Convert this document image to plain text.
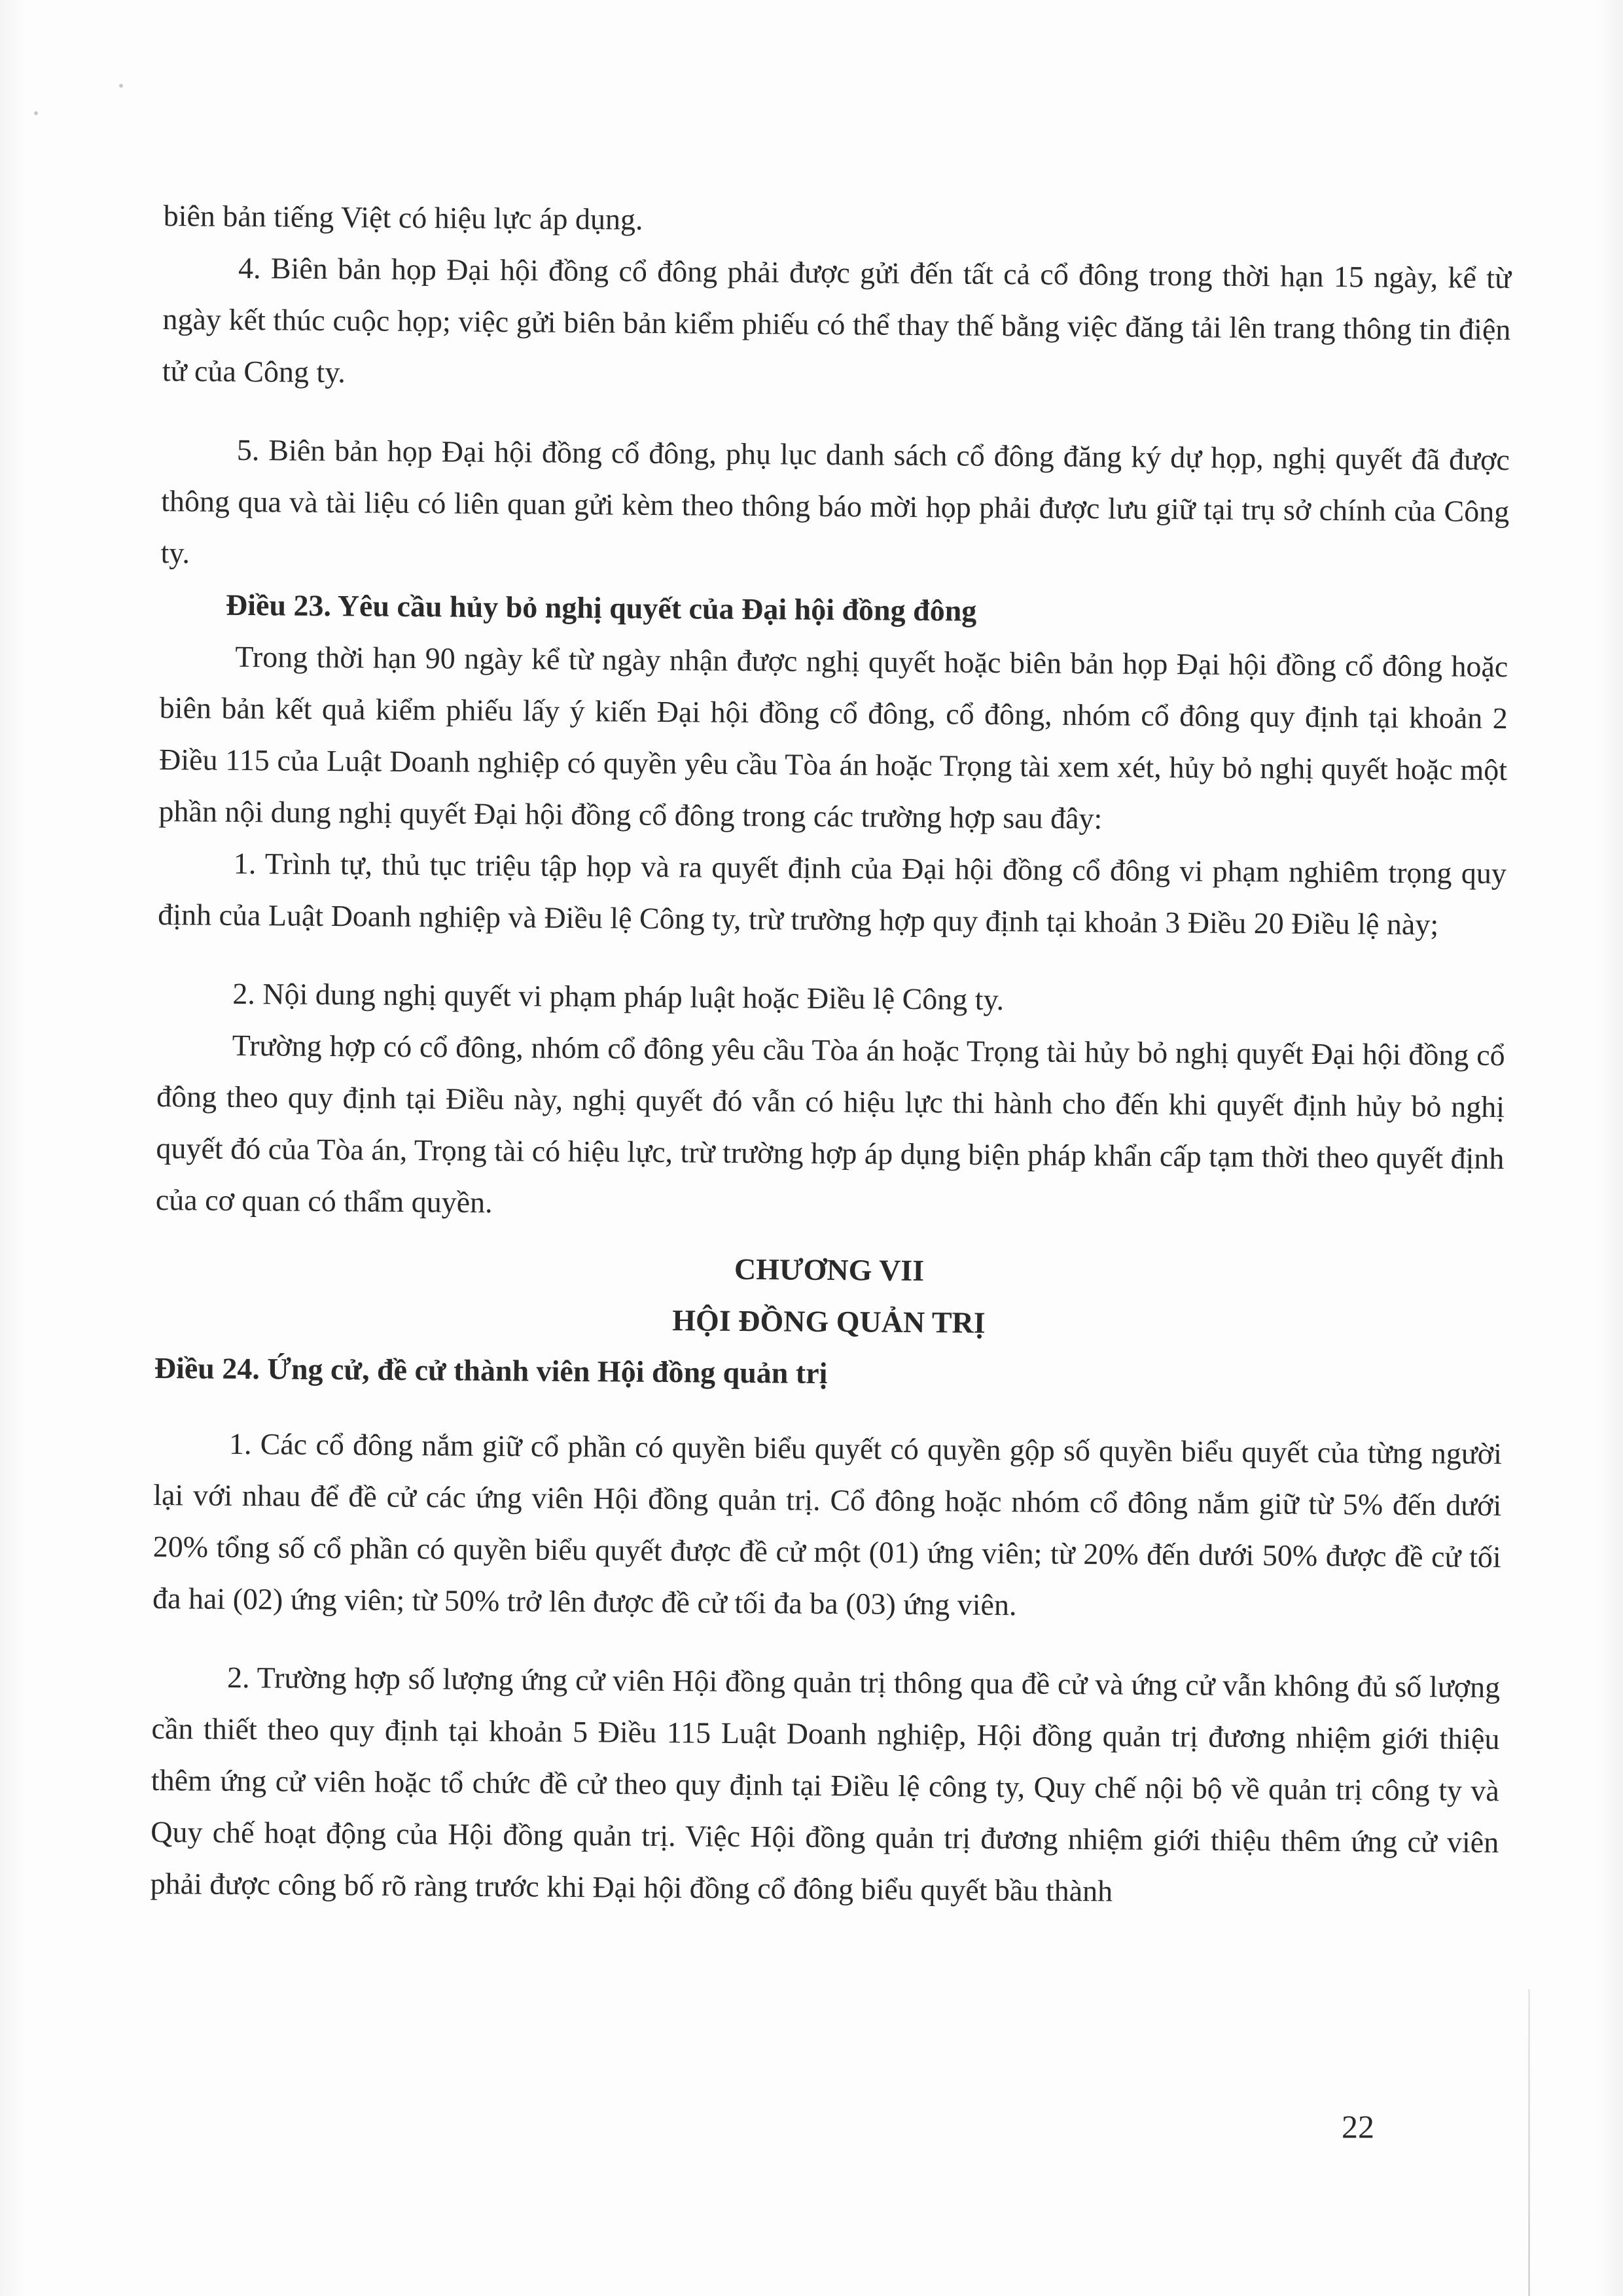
biên bản tiếng Việt có hiệu lực áp dụng.

4. Biên bản họp Đại hội đồng cổ đông phải được gửi đến tất cả cổ đông trong thời hạn 15 ngày, kể từ ngày kết thúc cuộc họp; việc gửi biên bản kiểm phiếu có thể thay thế bằng việc đăng tải lên trang thông tin điện tử của Công ty.

5. Biên bản họp Đại hội đồng cổ đông, phụ lục danh sách cổ đông đăng ký dự họp, nghị quyết đã được thông qua và tài liệu có liên quan gửi kèm theo thông báo mời họp phải được lưu giữ tại trụ sở chính của Công ty.

Điều 23. Yêu cầu hủy bỏ nghị quyết của Đại hội đồng đông

Trong thời hạn 90 ngày kể từ ngày nhận được nghị quyết hoặc biên bản họp Đại hội đồng cổ đông hoặc biên bản kết quả kiểm phiếu lấy ý kiến Đại hội đồng cổ đông, cổ đông, nhóm cổ đông quy định tại khoản 2 Điều 115 của Luật Doanh nghiệp có quyền yêu cầu Tòa án hoặc Trọng tài xem xét, hủy bỏ nghị quyết hoặc một phần nội dung nghị quyết Đại hội đồng cổ đông trong các trường hợp sau đây:

1. Trình tự, thủ tục triệu tập họp và ra quyết định của Đại hội đồng cổ đông vi phạm nghiêm trọng quy định của Luật Doanh nghiệp và Điều lệ Công ty, trừ trường hợp quy định tại khoản 3 Điều 20 Điều lệ này;

2. Nội dung nghị quyết vi phạm pháp luật hoặc Điều lệ Công ty.

Trường hợp có cổ đông, nhóm cổ đông yêu cầu Tòa án hoặc Trọng tài hủy bỏ nghị quyết Đại hội đồng cổ đông theo quy định tại Điều này, nghị quyết đó vẫn có hiệu lực thi hành cho đến khi quyết định hủy bỏ nghị quyết đó của Tòa án, Trọng tài có hiệu lực, trừ trường hợp áp dụng biện pháp khẩn cấp tạm thời theo quyết định của cơ quan có thẩm quyền.

CHƯƠNG VII

HỘI ĐỒNG QUẢN TRỊ

Điều 24. Ứng cử, đề cử thành viên Hội đồng quản trị

1. Các cổ đông nắm giữ cổ phần có quyền biểu quyết có quyền gộp số quyền biểu quyết của từng người lại với nhau để đề cử các ứng viên Hội đồng quản trị. Cổ đông hoặc nhóm cổ đông nắm giữ từ 5% đến dưới 20% tổng số cổ phần có quyền biểu quyết được đề cử một (01) ứng viên; từ 20% đến dưới 50% được đề cử tối đa hai (02) ứng viên; từ 50% trở lên được đề cử tối đa ba (03) ứng viên.

2. Trường hợp số lượng ứng cử viên Hội đồng quản trị thông qua đề cử và ứng cử vẫn không đủ số lượng cần thiết theo quy định tại khoản 5 Điều 115 Luật Doanh nghiệp, Hội đồng quản trị đương nhiệm giới thiệu thêm ứng cử viên hoặc tổ chức đề cử theo quy định tại Điều lệ công ty, Quy chế nội bộ về quản trị công ty và Quy chế hoạt động của Hội đồng quản trị. Việc Hội đồng quản trị đương nhiệm giới thiệu thêm ứng cử viên phải được công bố rõ ràng trước khi Đại hội đồng cổ đông biểu quyết bầu thành

22
